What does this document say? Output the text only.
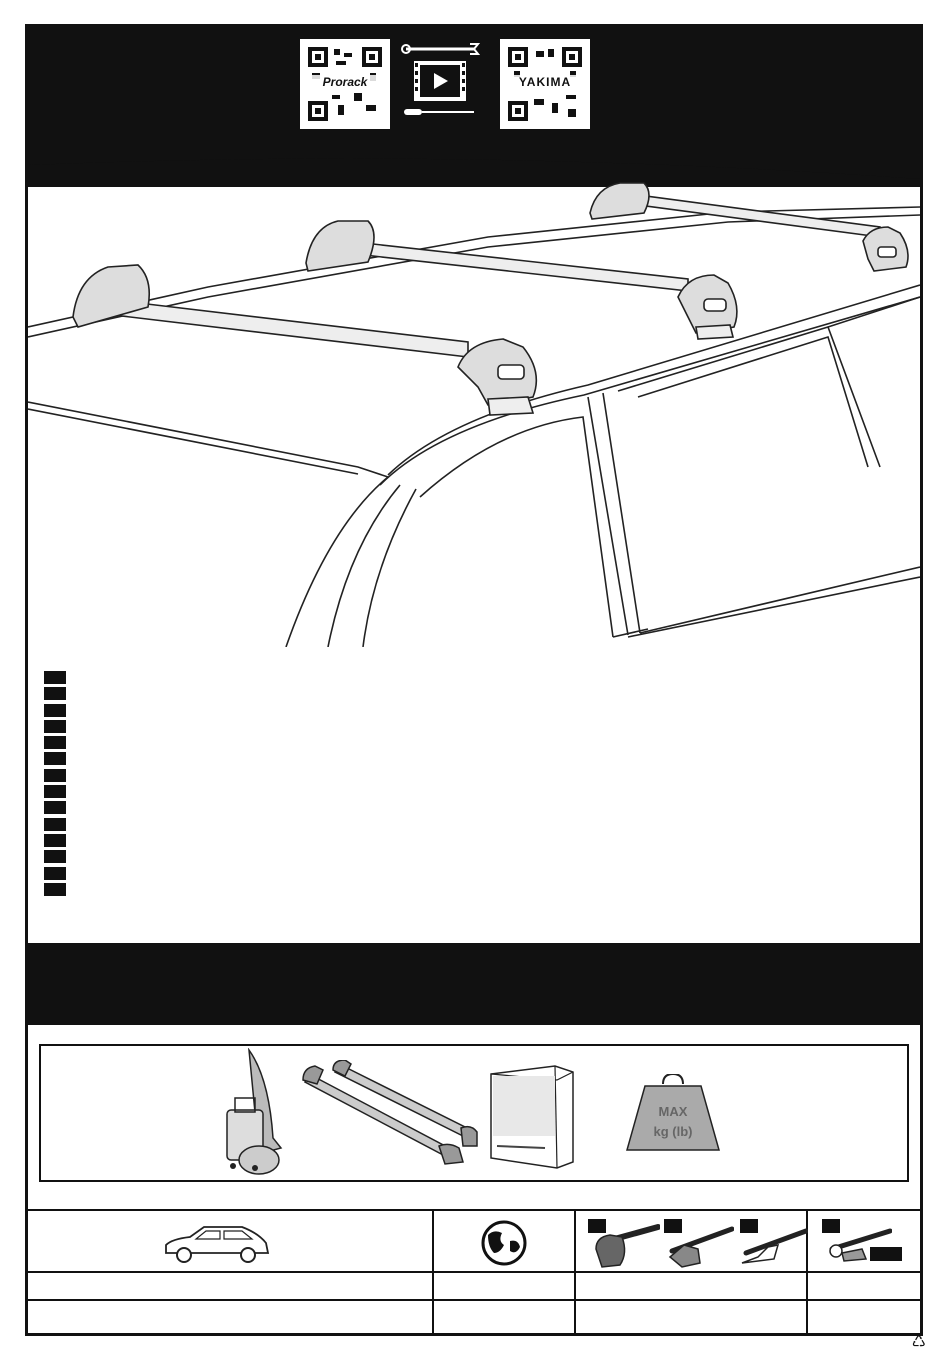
Prorack	YAKIMA
MAX
kg (lb)
♺
